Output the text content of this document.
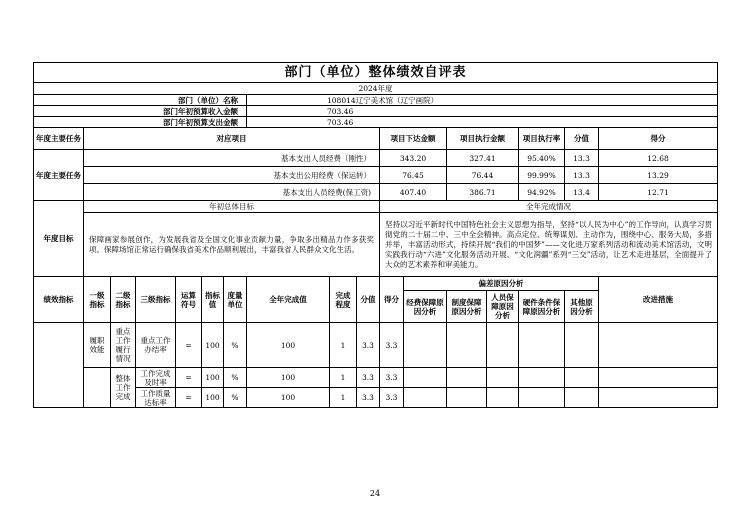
部门（单位）整体绩效自评表																
2024年度																
部门（单位）名称							108014辽宁美术馆（辽宁画院）									
部门年初预算收入金额							703.46									
部门年初预算支出金额							703.46									
年度主要任务	对应项目									项目下达金额		项目执行金额		项目执行率	分值	得分
年度主要任务	基本支出人员经费（刚性）									343.20		327.41		95.40%	13.3	12.68
	基本支出公用经费（保运转）									76.45		76.44		99.99%	13.3	13.29
	基本支出人员经费(保工资)									407.40		386.71		94.92%	13.4	12.71
年度目标	年初总体目标									全年完成情况						
	保障画家参展创作，为发展我省及全国文化事业贡献力量，争取多出精品力作多获奖项。保障场馆正常运行确保我省美术作品顺利展出，丰富我省人民群众文化生活。									坚持以习近平新时代中国特色社会主义思想为指导，坚持“以人民为中心”的工作导向，认真学习贯彻党的二十届二中、三中全会精神。高点定位、统筹谋划、主动作为，围绕中心、服务大局，多措并举，丰富活动形式，持续开展“我们的中国梦”——文化进万家系列活动和流动美术馆活动，文明实践我行动“六进”文化服务活动开展、“文化润疆”系列“三交”活动，让艺术走进基层，全面提升了大众的艺术素养和审美能力。						
绩效指标	一级指标	二级指标	三级指标	运算符号	指标值	度量单位	全年完成值	完成程度	分值	得分	偏差原因分析					改进措施
											经费保障原因分析	制度保障原因分析	人员保障原因分析	硬件条件保障原因分析	其他原因分析	
	履职效能	重点工作履行情况	重点工作办结率	=	100	%	100	1	3.3	3.3						
		整体工作完成	工作完成及时率	=	100	%	100	1	3.3	3.3						
			工作质量达标率	=	100	%	100	1	3.3	3.3						
24
